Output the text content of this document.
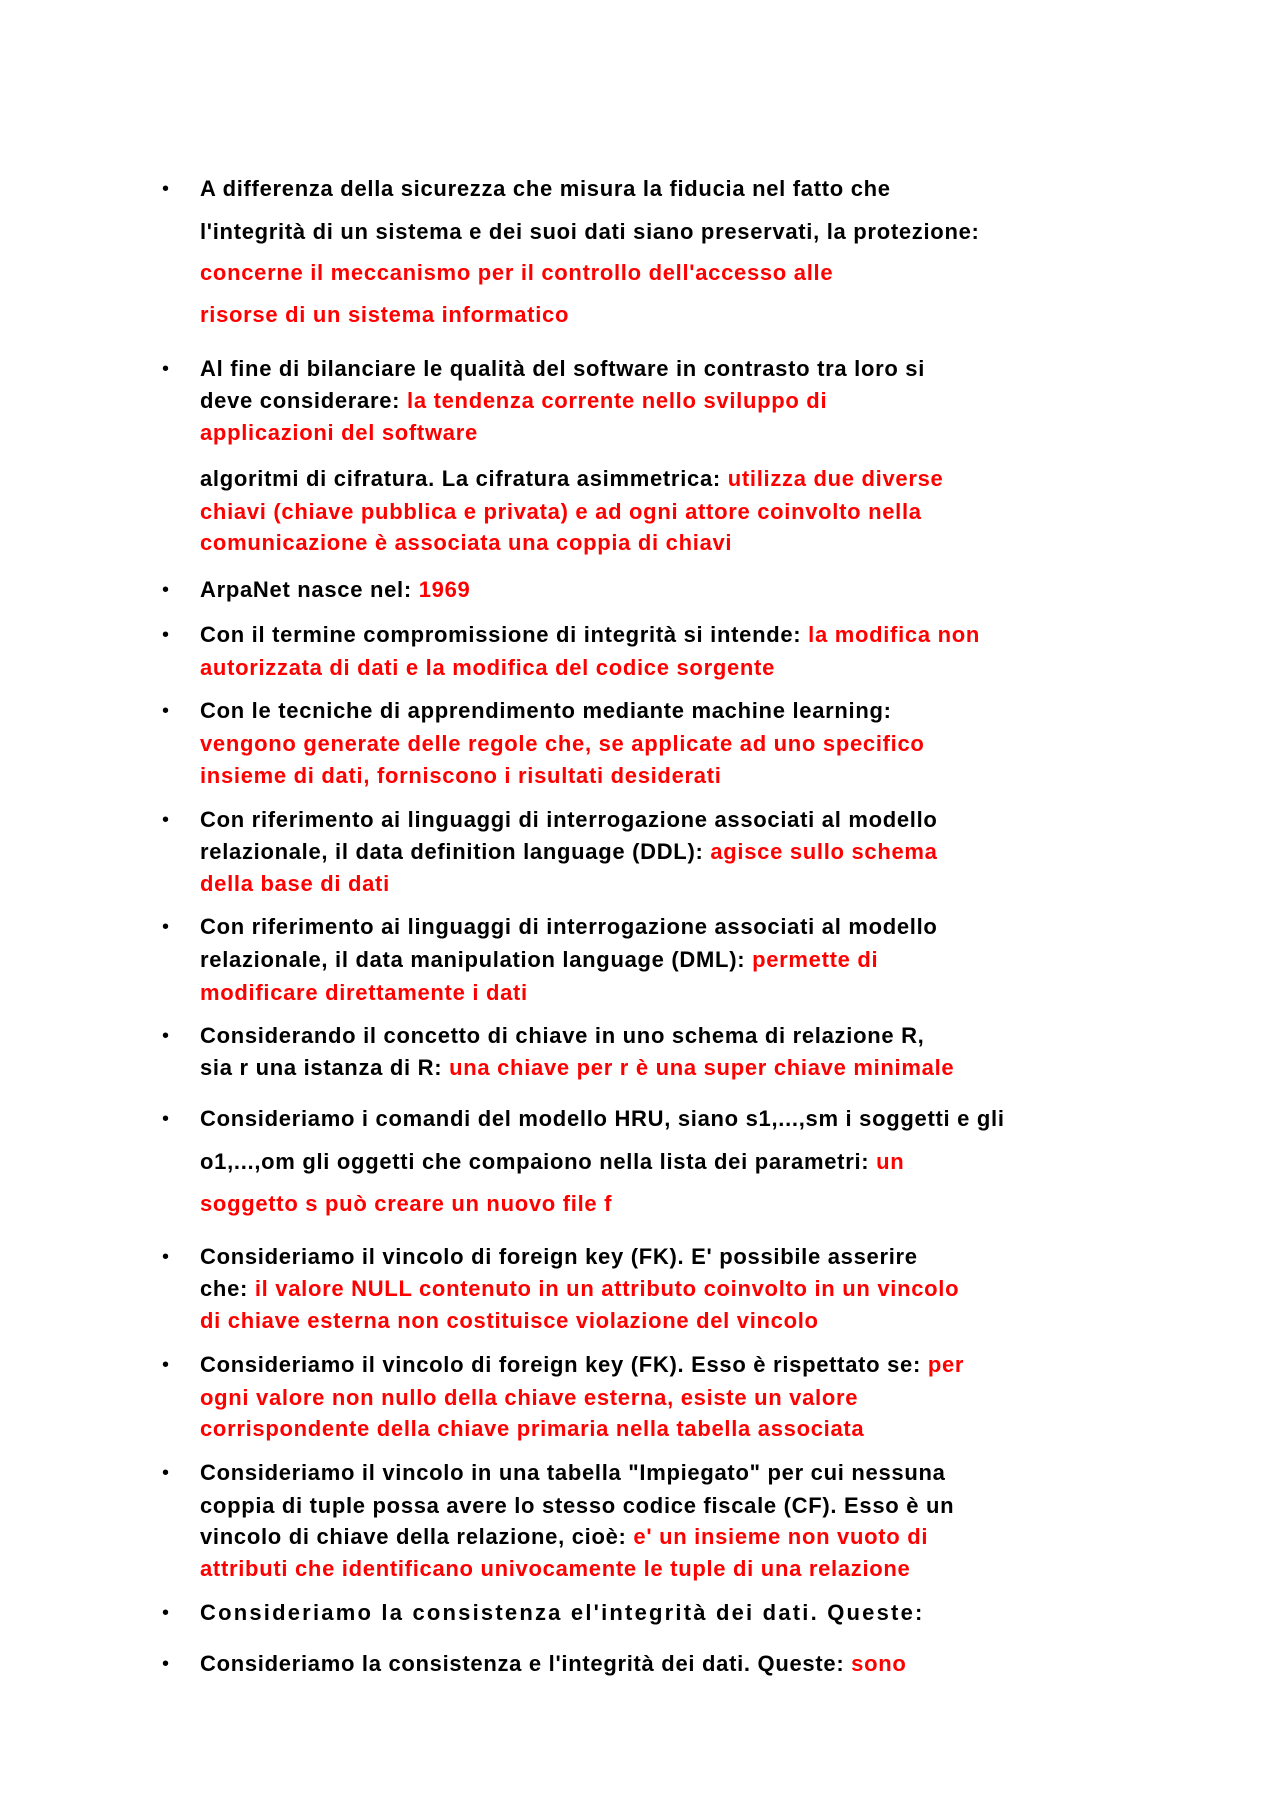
• A differenza della sicurezza che misura la fiducia nel fatto che
l'integrità di un sistema e dei suoi dati siano preservati, la protezione:
concerne il meccanismo per il controllo dell'accesso alle
risorse di un sistema informatico
• Al fine di bilanciare le qualità del software in contrasto tra loro si
deve considerare: la tendenza corrente nello sviluppo di
applicazioni del software
algoritmi di cifratura. La cifratura asimmetrica: utilizza due diverse
chiavi (chiave pubblica e privata) e ad ogni attore coinvolto nella
comunicazione è associata una coppia di chiavi
• ArpaNet nasce nel: 1969
• Con il termine compromissione di integrità si intende: la modifica non
autorizzata di dati e la modifica del codice sorgente
• Con le tecniche di apprendimento mediante machine learning:
vengono generate delle regole che, se applicate ad uno specifico
insieme di dati, forniscono i risultati desiderati
• Con riferimento ai linguaggi di interrogazione associati al modello
relazionale, il data definition language (DDL): agisce sullo schema
della base di dati
• Con riferimento ai linguaggi di interrogazione associati al modello
relazionale, il data manipulation language (DML): permette di
modificare direttamente i dati
• Considerando il concetto di chiave in uno schema di relazione R,
sia r una istanza di R: una chiave per r è una super chiave minimale
• Consideriamo i comandi del modello HRU, siano s1,...,sm i soggetti e gli
o1,...,om gli oggetti che compaiono nella lista dei parametri: un
soggetto s può creare un nuovo file f
• Consideriamo il vincolo di foreign key (FK). E' possibile asserire
che: il valore NULL contenuto in un attributo coinvolto in un vincolo
di chiave esterna non costituisce violazione del vincolo
• Consideriamo il vincolo di foreign key (FK). Esso è rispettato se: per
ogni valore non nullo della chiave esterna, esiste un valore
corrispondente della chiave primaria nella tabella associata
• Consideriamo il vincolo in una tabella "Impiegato" per cui nessuna
coppia di tuple possa avere lo stesso codice fiscale (CF). Esso è un
vincolo di chiave della relazione, cioè: e' un insieme non vuoto di
attributi che identificano univocamente le tuple di una relazione
• Consideriamo la consistenza el'integrità dei dati. Queste:
• Consideriamo la consistenza e l'integrità dei dati. Queste: sono
